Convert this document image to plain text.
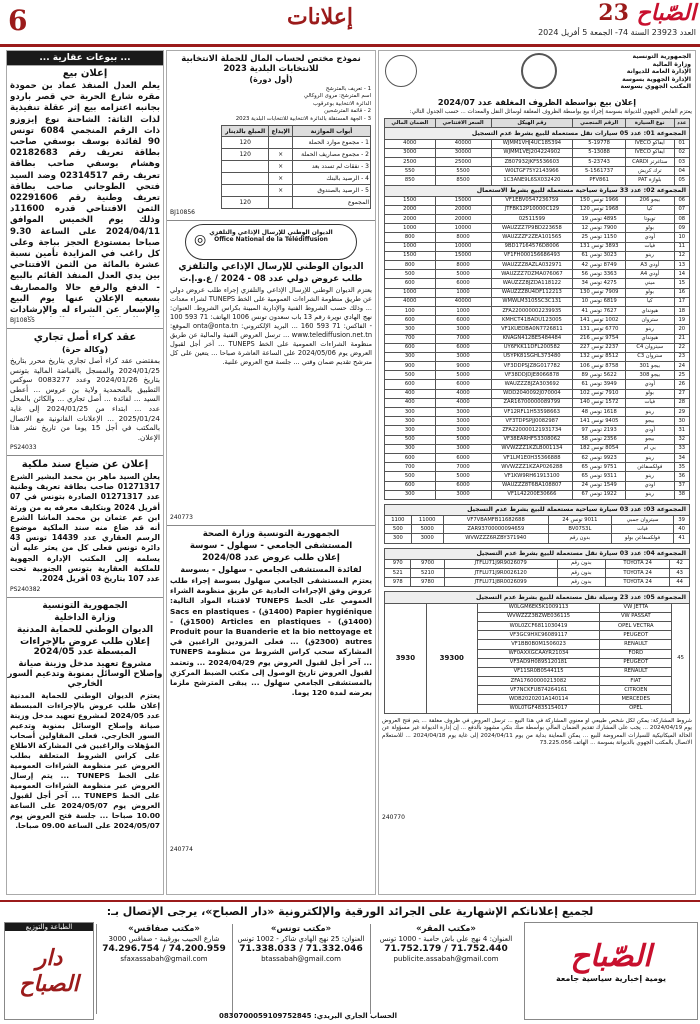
6	إعلانات	23 الصّباح
العدد 23923 السنة 74- الجمعة 5 أفريل 2024
... بيوعات عقارية ...
إعلان بيع
يعلم العدل المنفذ عماد بن حمودة مقره شارع الحرية حي قصر باردو بجانبه اعتزامه بيع إثر عقلة تنفيذية لذات الثاثة: الشاحنة نوع إيزوزو ذات الرقم المنجمي 6084 تونس 90 لفائدة بوسف بوسفي صاحب بطاقة تعريف رقم 02182683 وهشام بوسفي صاحب بطاقة تعريف رقم 02314517 وضد السيد فتحي الطوجاني صاحب بطاقة تعريف وطنية رقم 02291606 الثمن الافتتاحي قدره 11600د وذلك يوم الخميس الموافق 2024/04/11 على الساعة 9.30 صباحا بمستودع الحجز بباجة وعلى كل راغب في المزايدة تأمين نسبة عشرة بالمائة من الثمن الافتتاحي بين يدي العدل المنفذ القائم بالبيع - الدفع والرفع حالا والمصاريف بسعيه الإعلان عنها يوم البيع والإسعار عن الشراء له والإرشادات
BJ10855
عقد كراء أصل تجاري
(وكالة حرة)
بمقتضى عقد كراء أصل تجاري بتاريخ محرر بتاريخ 2024/01/25 والمسجل بالقباضة المالية بتونس بتاريخ 2024/01/26 وعدد 0083277 سوكس التطبيق بالمحمدية ولاية بن عروس ... أعطى السيد ... لفائدة ... أصل تجاري ... والكائن بالمحل عدد ... ابتداء من 2024/01/25 إلى غاية 2025/01/24 ... الإعلانات القانونية مع الاتصال بالمكتب في أجل 15 يوما من تاريخ نشر هذا الإعلان.
PS24033
إعلان عن ضياع سند ملكية
يعلن السيد ماهر بن محمد البشير الشرع 01271317 صاحب بطاقة تعريف وطنية عدد 01271317 الصادرة بتونس في 07 أفريل 2024 وبتكليف معرفه به من ورثة ابن عم عثمان بن محمد الماشا الشرع أنه قد ضاع منه سند الملكية موضوع الرسم العقاري عدد 14439 تونس 43 دائرة تونس فعلى كل من يعثر عليه أن يسلمه إلى المكتب الإدارة الجهوية للملكية العقارية بتونس الجنوبية تحت عدد 107 بتاريخ 03 أفريل 2024.
PS240382
الجمهورية التونسية
وزارة الداخلية
الديوان الوطني للحماية المدنية
إعلان طلب عروض بالإجراءات المبسطة عدد 2024/05
مشروع تعهيد مدخل وزينة صيانة وإصلاح الوسائل بمنوبة وتدعيم السور الخارجي
يعتزم الديوان الوطني للحماية المدنية إعلان طلب عروض بالإجراءات المبسطة عدد 2024/05 لمشروع تعهيد مدخل وزينة صيانة وإصلاح الوسائل بمنوبة وتدعيم السور الخارجي. فعلى المقاولين أصحاب المؤهلات والراغبين في المشاركة الاطلاع على كراس الشروط المتعلقة بطلب العروض عبر منظومة الشراءات العمومية على الخط TUNEPS ... يتم إرسال العروض عبر منظومة الشراءات العمومية على الخط TUNEPS ... آخر أجل لقبول العروض يوم 2024/05/07 على الساعة 10.00 صباحا ... جلسة فتح العروض يوم 2024/05/07 على الساعة 09.00 صباحا.
نموذج مختص لحساب المال للحملة الانتخابية للانتخابات البلدية 2023
(أول دورة)
1 - تعريف بالمترشح
اسم المترشح: مروى الروكالي
الدائرة الانتخابية بوعرقوب
2 - قائمة المترشحين
3 - الجهة المستقلة بالدائرة الانتخابية للانتخابات البلدية 2023
أبواب الموازنة	الإيداع	المبلغ بالدينار
1 - مجموع موارد الحملة		120
2 - مجموع مصاريف الحملة	×	120
3 - نفقات لم تسدد بعد	×	
4 - الرصيد بالبنك	×	
5 - الرصيد بالصندوق	×	
المجموع		120
BJ10856
الديوان الوطني للإرسال الإذاعي والتلفزي
Office National de la Télédiffusion
◎
الديوان الوطني للإرسال الإذاعي والتلفزي
طلب عروض دولي عدد 08 - 2024 / ع.و.إ.ت
يعتزم الديوان الوطني للإرسال الإذاعي والتلفزي إجراء طلب عروض دولي عن طريق منظومة الشراءات العمومية على الخط TUNEPS لشراء معدات ... وذلك حسب الشروط الفنية والإدارية المبينة بكراس الشروط. العنوان: نهج الهادي نويرة رقم 13 باب سعدون تونس 1006 الهاتف: 71 593 100 - الفاكس: 71 593 160 ... البريد الإلكتروني: onta@onta.tn الموقع: www.telediffusion.net.tn ... ترسل العروض الفنية والمالية عن طريق منظومة الشراءات العمومية على الخط TUNEPS ... آخر أجل لقبول العروض يوم 2024/05/06 على الساعة العاشرة صباحا ... يتعين على كل مترشح تقديم ضمان وقتي ... جلسة فتح العروض علنية.
240773
الجمهورية التونسية وزارة الصحة
المستشفى الجامعي - سهلول - سوسة
إعلان طلب عروض عدد 2024/08
لفائدة المستشفى الجامعي - سهلول - بسوسة
يعتزم المستشفى الجامعي سهلول بسوسة إجراء طلب عروض وفق الإجراءات العادية عن طريق منظومة الشراء العمومي على الخط TUNEPS لاقتناء المواد التالية: Papier hygiénique (1400ق) - Sacs en plastiques (1400ق) - Articles en plastiques (1500ق) - Produit pour la Buanderie et la bio nettoyage et autres (2300ق) ... فعلى المزودين الراغبين في المشاركة سحب كراس الشروط من منظومة TUNEPS ... آخر أجل لقبول العروض يوم 2024/04/29 ... وتعتمد لقبول العروض تاريخ الوصول إلى مكتب الضبط المركزي بالمستشفى الجامعي سهلول ... يبقى المترشح ملزما بعرضه لمدة 120 يوما.
240774
الجمهورية التونسية
وزارة المالية
الإدارة العامة للديوانة
الإدارة الجهوية بسوسة
المكتب الجهوي بسوسة
إعلان بيع بواسطة الظروف المغلقة عدد 2024/07
يعتزم القابض الجهوي للديوانة بسوسة إجراء بيع بواسطة الظروف المغلقة لوسائل النقل والمعدات ... حسب الجدول التالي:
عدد	نوع السيارة	الرقم المنجمي	رقم الهيكل	السعر الافتتاحي	الضمان المالي
المجموعة 01: عدد 05 سيارات نقل مستعملة للبيع بشرط عدم التسجيل					
01	ايفاكو IVECO	5-19778	WJMM1VHJ4UC185394	40000	4000
02	ايفاكو IVECO	5-13088	WJMM1VEJ204224902	30000	3000
03	ستاغرتر CARDI	5-23743	ZB07932JKF5536603	25000	2500
04	ترك كريش	5-1561737	W0LTGF75Y2143966	5500	550
05	بلوازة PAT	PFV861	1C3ANE9L6SX032420	8500	850
المجموعة 02: عدد 33 سيارة سياحية مستعملة للبيع بشرط الاستعمال					
06	بيجو 206	1966 تونس 150	VF1EBV0547236759	15000	1500
07	كيا	1968 تونس 120	JTFBK12P10000C129	20000	2000
08	تويوتا	4895 تونس 19	02511599	20000	2000
09	بولو	7900 تونس 12	WAUZZZ7P9BD223658	10000	1000
10	أودي	1150 تونس 25	WAUZZZF2ZEA101565	8000	800
11	فيات	3893 تونس 131	9BD17164576D8006	10000	1000
12	رينو	3023 تونس 61	VF1FH000156686493	15000	1500
13	أودي A3	8749 تونس 42	WAUZZZ8AZLA032971	8000	800
14	أودي A4	3363 تونس 56	WAUZZZ7DZMA076067	5000	500
15	ميني	4275 تونس 34	WAUZZZ8JZDA118122	6000	600
16	بولو	7909 تونس 130	WAUZZZ8U4DF112213	1000	1000
17	كيا	6819 تونس 10	WMWLM3105SC3C131	40000	4000
18	هيونداي	7627 تونس 41	ZFA220000002239935	1000	100
19	ستروان	1002 تونس 141	KMHCT41BADU123005	6000	600
20	رينو	6770 تونس 131	VF1KUEDBA0N7726811	3000	300
21	هيونداي	9754 تونس 216	KNAGN412BE5484484	7000	700
22	سيتروان C4	2237 تونس 227	UY6FKK11DFL200582	6000	600
23	ستروان C3	8512 تونس 132	U5YPK81SGHL373480	3000	300
24	بيجو 301	8758 تونس 106	VF3DDPSJZ8G017782	9000	900
25	بيجو 308	5622 تونس 89	VF38DDJDJE8066878	5000	500
26	أودي	3949 تونس 61	WAUZZZ8JZA303692	6000	600
27	بولو	7910 تونس 102	WDD2040092J070004	4000	400
28	فيات	1572 تونس 140	ZAR16700000089799	4000	400
29	رينو	1618 تونس 48	VF12RFL1H53598663	3000	300
30	بيجو	9405 تونس 141	VF3TDPSPJJ0082987	3000	300
31	أودي	2193 تونس 97	ZFA220000121931734	3000	300
32	بيجو	2356 تونس 58	VF38EARHF53308062	5000	500
33	بي ام	8054 تونس 182	WVWZZZ1KZLB001134	3000	300
34	رينو	9923 تونس 62	VF1LM1E0H35366888	6000	600
35	فولكسفاغن	9751 تونس 65	WVWZZZ1KZAP026288	7000	700
36	رينو	9311 تونس 65	VF1KW9RH61913100	5000	500
37	أودي	1549 تونس 24	WAUZZZ8T6BA108807	6000	600
38	رينو	1922 تونس 67	VF1L42200E30666	3000	300
المجموعة 03: عدد 03 سيارة سياحية مستعملة للبيع بشرط عدم التسجيل					
39	سيتروان جمبي	9011 تونس 24	VF7VBAMFB11682688	11000	1100
40	فيات	BV0753L	ZAR93700000094659	5000	500
41	فولكسفاغن بولو	بدون رقم	WVWZZZ6RZBY371940	3000	300
المجموعة 04: عدد 03 سيارة نقل مستعملة للبيع بشرط عدم التسجيل					
42	TOYOTA 24	بدون رقم	JTFLU71J9R9026079	9700	970
43	TOYOTA 24	بدون رقم	JTFLU71J9R0026120	5210	521
44	TOYOTA 24	بدون رقم	JTFLU71J8R0026099	9780	978
المجموعة 05: عدد 23 وسيلة نقل مستعملة للبيع بشرط عدم التسجيل				
45	VW JETTA	W0LGM6EK5K1009113	39300	3930
	VW PASSAT	WVWZZZ3BZWE036115		
	OPEL VECTRA	W0L0ZCF6811030419		
	PEUGEOT	VF3GC9HXC96089117		
	RENAULT	VF1BB0B0M1506023		
	FORD	WF0AXXGCAAYR21034		
	PEUGEOT	VF3AD9H0895120181		
	RENAULT	VF11SR0B0544115		
	FIAT	ZFA17600000213082		
	CITROEN	VF7NCKFUB74264161		
	MERCEDES	WDB2020201A140114		
	OPEL	W0L0TGF4835154017		
شروط المشاركة: يمكن لكل شخص طبيعي أو معنوي المشاركة في هذا البيع ... ترسل العروض في ظروف مغلقة ... يتم فتح العروض يوم 2024/04/19 ... يجب على المشارك تقديم الضمان المالي بواسطة صك بنكي مشهود بالدفع ... إن إدارة الديوانة غير مسؤولة عن الحالة الميكانيكية للسيارات المعروضة للبيع ... يمكن المعاينة بداية من يوم 2024/04/11 إلى غاية يوم 2024/04/18 ... للاستعلام الاتصال بالمكتب الجهوي بالديوانة بسوسة ... الهاتف 73.225.056
240770
لجميع إعلاناتكم الإشهارية على الجرائد الورقية والإلكترونية «دار الصباح»، يرجى الإتصال بـ:
الطباعة والتوزيع
دار الصباح
«مكتب صفاقس»
شارع الحبيب بورقيبة - صفاقس 3000
74.296.754 / 74.200.959
sfaxassabah@gmail.com
«مكتب تونس»
العنوان: 25 نهج الهادي شاكر - 1002 تونس
71.338.033 / 71.332.046
btassabah@gmail.com
«مكتب المقر»
العنوان: 4 نهج علي باش حامبة - 1000 تونس
71.752.179 / 71.752.440
publicite.assabah@gmail.com	الصّباح
يومية إخبارية سياسية جامعة
الحساب الجاري البريدي: 0830700059109752845
